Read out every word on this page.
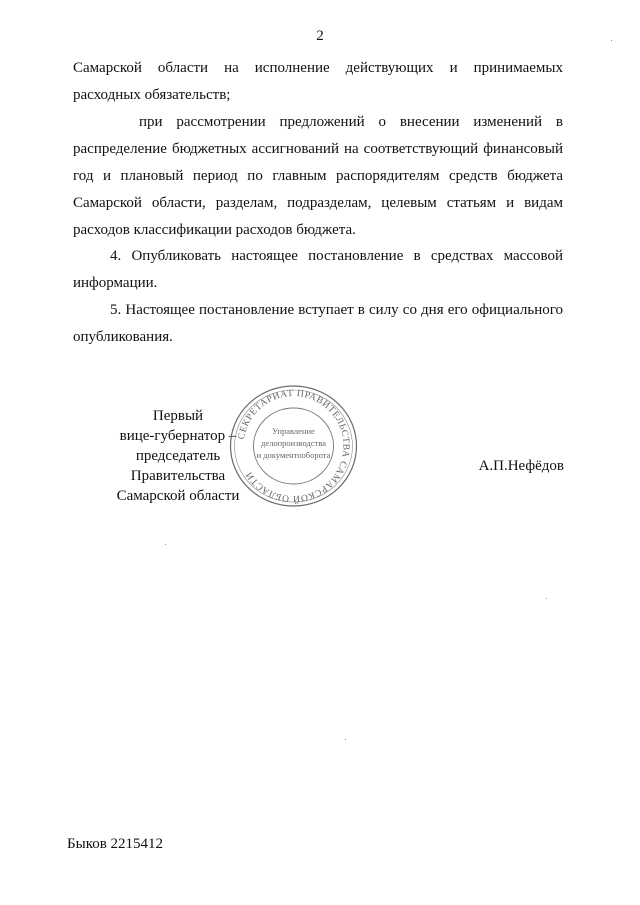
2

Самарской области на исполнение действующих и принимаемых

расходных обязательств;

при рассмотрении предложений о внесении изменений в распределение бюджетных ассигнований на соответствующий финансовый год и плановый период по главным распорядителям средств бюджета Самарской области, разделам, подразделам, целевым статьям и видам расходов классификации расходов бюджета.

4. Опубликовать настоящее постановление в средствах массовой информации.

5. Настоящее постановление вступает в силу со дня его официального опубликования.

Первый
вице-губернатор –
председатель Правительства
Самарской области
СЕКРЕТАРИАТ ПРАВИТЕЛЬСТВА САМАРСКОЙ ОБЛАСТИ
Управление
делопроизводства
и документооборота
А.П.Нефёдов
Быков 2215412
